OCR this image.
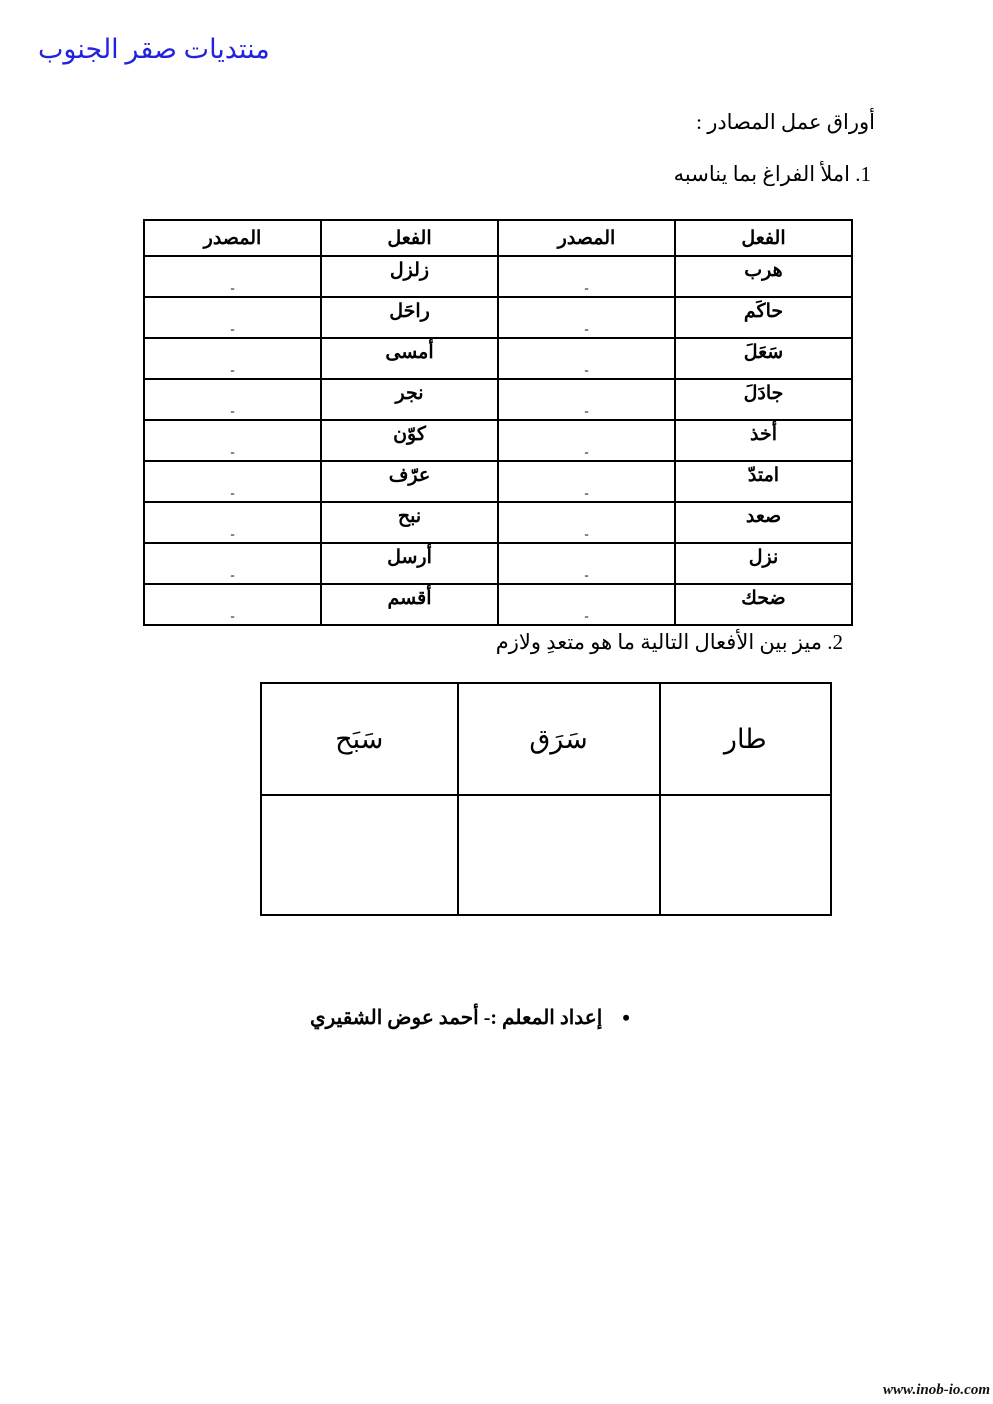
منتديات صقر الجنوب
أوراق عمل المصادر :
1. املأ الفراغ بما يناسبه
الفعل	المصدر	الفعل	المصدر
هرب	-	زلزل	-
حاكَم	-	راحَل	-
سَعَلَ	-	أمسى	-
جادَلَ	-	نجر	-
أخذ	-	كوّن	-
امتدّ	-	عرّف	-
صعد	-	نبح	-
نزل	-	أرسل	-
ضحك	-	أقسم	-
2. ميز بين الأفعال التالية ما هو متعدِ ولازم
طار	سَرَق	سَبَح

•إعداد المعلم :- أحمد عوض الشقيري
www.inob-io.com
